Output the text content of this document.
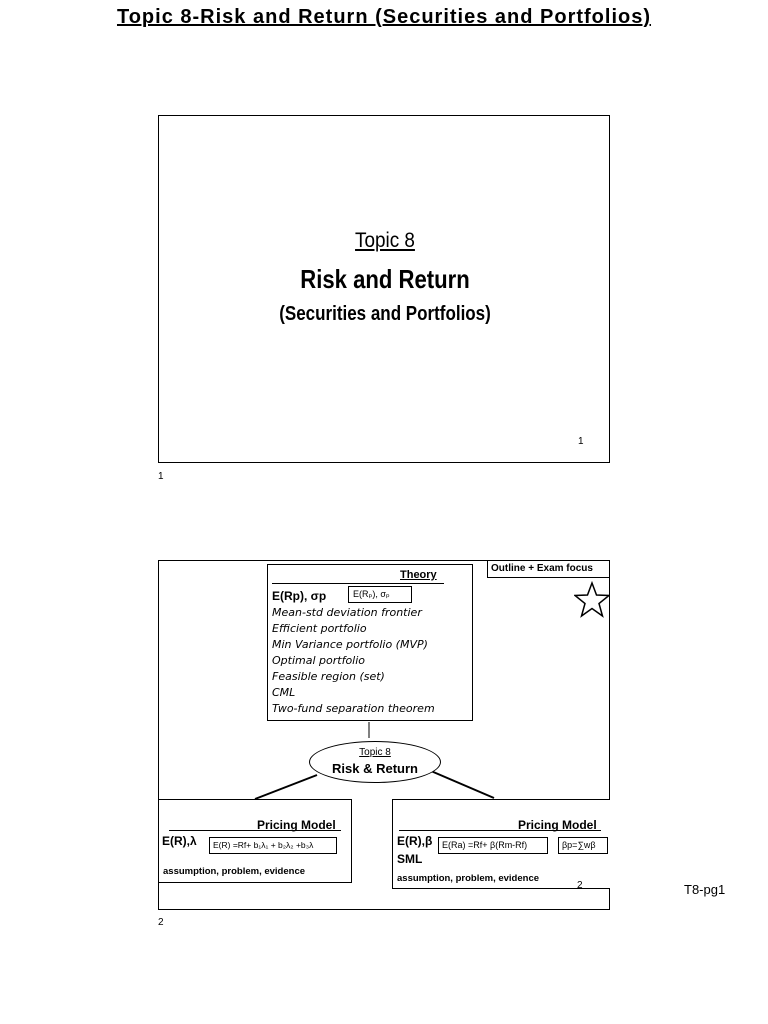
Topic 8-Risk and Return (Securities and Portfolios)
Topic 8
Risk and Return
(Securities and Portfolios)
1
1
Outline + Exam focus
Theory
E(Rp), σp	E(Rₚ), σₚ
Mean-std deviation frontier
Efficient portfolio
Min Variance portfolio (MVP)
Optimal portfolio
Feasible region (set)
CML
Two-fund separation theorem
Topic 8
Risk & Return
Pricing Model
E(R),λ	E(R) =Rf+ b₁λ₁ + b₂λ₂ +b₃λ
assumption, problem, evidence
Pricing Model
E(R),β
SML
E(Ra) =Rf+ β(Rm-Rf)	βp=∑wβ
assumption, problem, evidence
2
2
T8-pg1
